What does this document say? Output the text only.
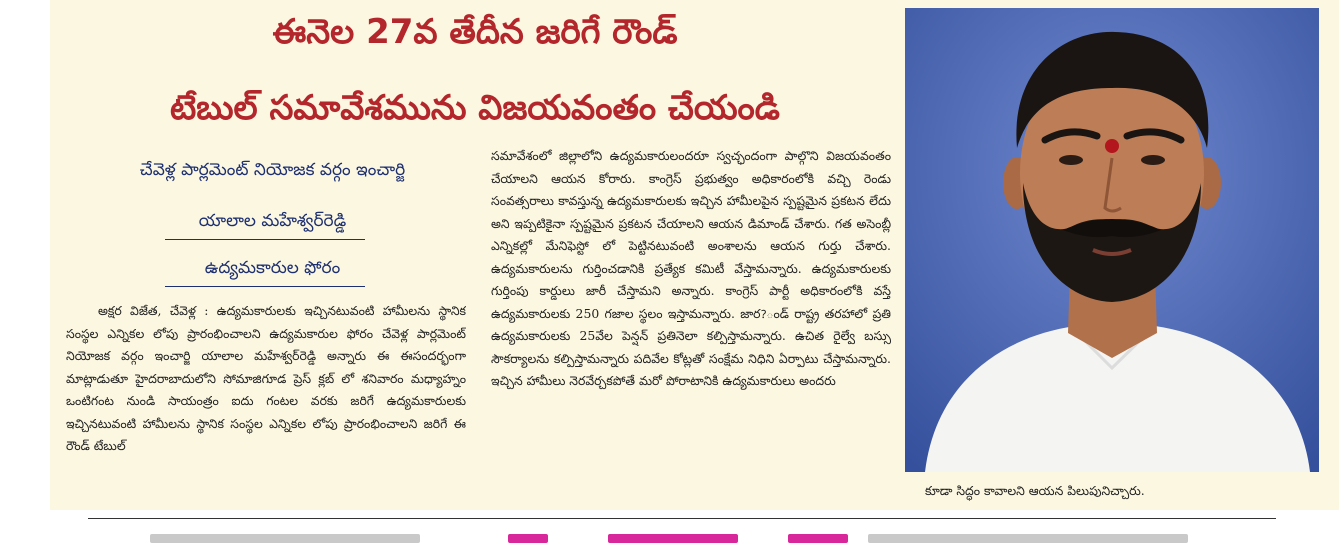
ఈనెల 27వ తేదీన జరిగే రౌండ్
టేబుల్ సమావేశమును విజయవంతం చేయండి
చేవెళ్ల పార్లమెంట్ నియోజక వర్గం ఇంచార్జి
యాలాల మహేశ్వర్‌రెడ్డి
ఉద్యమకారుల ఫోరం

అక్షర విజేత, చేవెళ్ల : ఉద్యమకారులకు ఇచ్చినటువంటి హామీలను స్థానిక సంస్థల ఎన్నికల లోపు ప్రారంభించాలని ఉద్యమకారుల ఫోరం చేవెళ్ల పార్లమెంట్ నియోజక వర్గం ఇంచార్జి యాలాల మహేశ్వర్‌రెడ్డి అన్నారు ఈ ఈసందర్భంగా మాట్లాడుతూ హైదరాబాదులోని సోమాజిగూడ ప్రెస్ క్లబ్ లో శనివారం మధ్యాహ్నం ఒంటిగంట నుండి సాయంత్రం ఐదు గంటల వరకు జరిగే ఉద్యమకారులకు ఇచ్చినటువంటి హామీలను స్థానిక సంస్థల ఎన్నికల లోపు ప్రారంభించాలని జరిగే ఈ రౌండ్ టేబుల్

సమావేశంలో జిల్లాలోని ఉద్యమకారులందరూ స్వచ్ఛందంగా పాల్గొని విజయవంతం చేయాలని ఆయన కోరారు. కాంగ్రెస్ ప్రభుత్వం అధికారంలోకి వచ్చి రెండు సంవత్సరాలు కావస్తున్న ఉద్యమకారులకు ఇచ్చిన హామీలపైన స్పష్టమైన ప్రకటన లేదు అని ఇప్పటికైనా స్పష్టమైన ప్రకటన చేయాలని ఆయన డిమాండ్ చేశారు. గత అసెంబ్లీ ఎన్నికల్లో మేనిఫెస్టో లో పెట్టినటువంటి అంశాలను ఆయన గుర్తు చేశారు. ఉద్యమకారులను గుర్తించడానికి ప్రత్యేక కమిటీ వేస్తామన్నారు. ఉద్యమకారులకు గుర్తింపు కార్డులు జారీ చేస్తామని అన్నారు. కాంగ్రెస్ పార్టీ అధికారంలోకి వస్తే ఉద్యమకారులకు 250 గజాల స్థలం ఇస్తామన్నారు. జార?ండ్ రాష్ట్ర తరహాలో ప్రతి ఉద్యమకారులకు 25వేల పెన్షన్ ప్రతినెలా కల్పిస్తామన్నారు. ఉచిత రైల్వే బస్సు సౌకర్యాలను కల్పిస్తామన్నారు పదివేల కోట్లతో సంక్షేమ నిధిని ఏర్పాటు చేస్తామన్నారు. ఇచ్చిన హామీలు నెరవేర్చకపోతే మరో పోరాటానికి ఉద్యమకారులు అందరు

కూడా సిద్ధం కావాలని ఆయన పిలుపునిచ్చారు.
